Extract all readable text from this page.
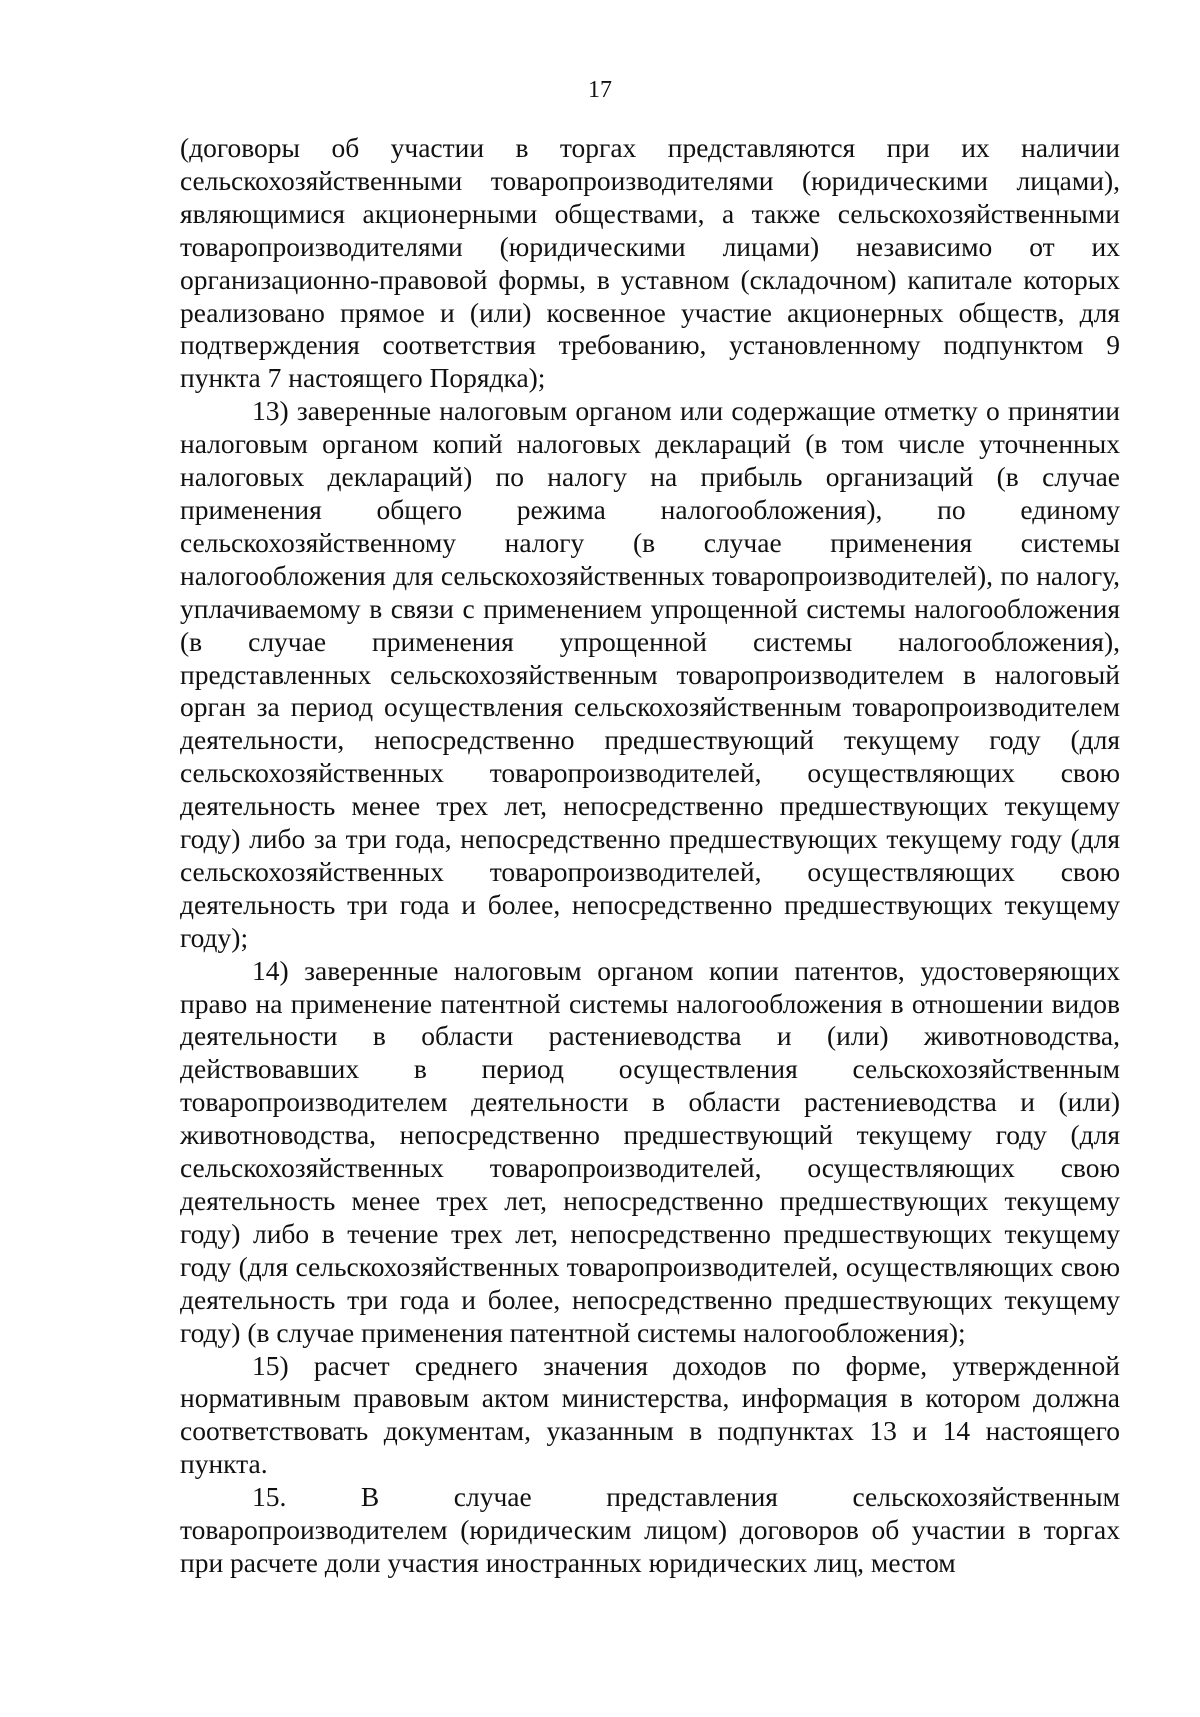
17

(договоры об участии в торгах представляются при их наличии сельскохозяйственными товаропроизводителями (юридическими лицами), являющимися акционерными обществами, а также сельскохозяйственными товаропроизводителями (юридическими лицами) независимо от их организационно-правовой формы, в уставном (складочном) капитале которых реализовано прямое и (или) косвенное участие акционерных обществ, для подтверждения соответствия требованию, установленному подпунктом 9 пункта 7 настоящего Порядка);

13) заверенные налоговым органом или содержащие отметку о принятии налоговым органом копий налоговых деклараций (в том числе уточненных налоговых деклараций) по налогу на прибыль организаций (в случае применения общего режима налогообложения), по единому сельскохозяйственному налогу (в случае применения системы налогообложения для сельскохозяйственных товаропроизводителей), по налогу, уплачиваемому в связи с применением упрощенной системы налогообложения (в случае применения упрощенной системы налогообложения), представленных сельскохозяйственным товаропроизводителем в налоговый орган за период осуществления сельскохозяйственным товаропроизводителем деятельности, непосредственно предшествующий текущему году (для сельскохозяйственных товаропроизводителей, осуществляющих свою деятельность менее трех лет, непосредственно предшествующих текущему году) либо за три года, непосредственно предшествующих текущему году (для сельскохозяйственных товаропроизводителей, осуществляющих свою деятельность три года и более, непосредственно предшествующих текущему году);

14) заверенные налоговым органом копии патентов, удостоверяющих право на применение патентной системы налогообложения в отношении видов деятельности в области растениеводства и (или) животноводства, действовавших в период осуществления сельскохозяйственным товаропроизводителем деятельности в области растениеводства и (или) животноводства, непосредственно предшествующий текущему году (для сельскохозяйственных товаропроизводителей, осуществляющих свою деятельность менее трех лет, непосредственно предшествующих текущему году) либо в течение трех лет, непосредственно предшествующих текущему году (для сельскохозяйственных товаропроизводителей, осуществляющих свою деятельность три года и более, непосредственно предшествующих текущему году) (в случае применения патентной системы налогообложения);

15) расчет среднего значения доходов по форме, утвержденной нормативным правовым актом министерства, информация в котором должна соответствовать документам, указанным в подпунктах 13 и 14 настоящего пункта.

15. В случае представления сельскохозяйственным товаропроизводителем (юридическим лицом) договоров об участии в торгах при расчете доли участия иностранных юридических лиц, местом
